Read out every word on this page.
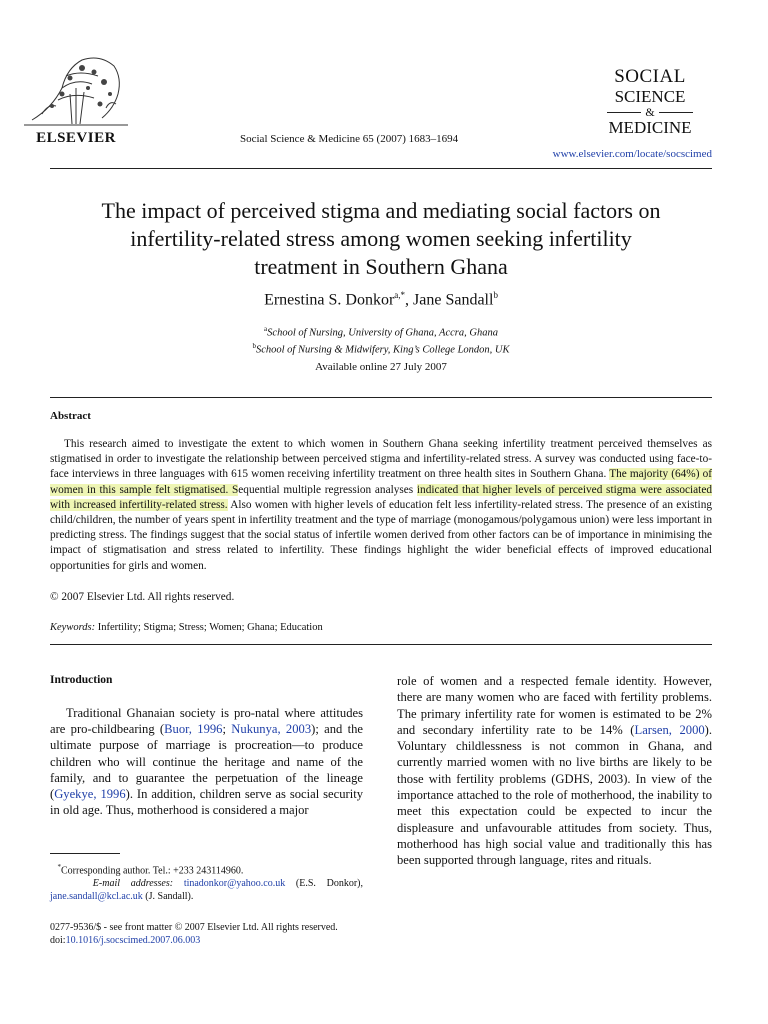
ELSEVIER	Social Science & Medicine 65 (2007) 1683–1694
SOCIAL
SCIENCE
&
MEDICINE
www.elsevier.com/locate/socscimed
The impact of perceived stigma and mediating social factors on
infertility-related stress among women seeking infertility
treatment in Southern Ghana
Ernestina S. Donkor$^{a,*}$, Jane Sandall$^b$
$^a$School of Nursing, University of Ghana, Accra, Ghana
$^b$School of Nursing & Midwifery, King’s College London, UK
Available online 27 July 2007
Abstract

This research aimed to investigate the extent to which women in Southern Ghana seeking infertility treatment perceived themselves as stigmatised in order to investigate the relationship between perceived stigma and infertility-related stress. A survey was conducted using face-to-face interviews in three languages with 615 women receiving infertility treatment on three health sites in Southern Ghana. The majority (64%) of women in this sample felt stigmatised. Sequential multiple regression analyses indicated that higher levels of perceived stigma were associated with increased infertility-related stress. Also women with higher levels of education felt less infertility-related stress. The presence of an existing child/children, the number of years spent in infertility treatment and the type of marriage (monogamous/polygamous union) were less important in predicting stress. The findings suggest that the social status of infertile women derived from other factors can be of importance in minimising the impact of stigmatisation and stress related to infertility. These findings highlight the wider beneficial effects of improved educational opportunities for girls and women.

© 2007 Elsevier Ltd. All rights reserved.
Keywords: Infertility; Stigma; Stress; Women; Ghana; Education
Introduction

Traditional Ghanaian society is pro-natal where attitudes are pro-childbearing (Buor, 1996; Nukunya, 2003); and the ultimate purpose of marriage is procreation—to produce children who will continue the heritage and name of the family, and to guarantee the perpetuation of the lineage (Gyekye, 1996). In addition, children serve as social security in old age. Thus, motherhood is considered a major

*Corresponding author. Tel.: +233 243114960.
E-mail addresses: tinadonkor@yahoo.co.uk (E.S. Donkor), jane.sandall@kcl.ac.uk (J. Sandall).

role of women and a respected female identity. However, there are many women who are faced with fertility problems. The primary infertility rate for women is estimated to be 2% and secondary infertility rate to be 14% (Larsen, 2000). Voluntary childlessness is not common in Ghana, and currently married women with no live births are likely to be those with fertility problems (GDHS, 2003). In view of the importance attached to the role of motherhood, the inability to meet this expectation could be expected to incur the displeasure and unfavourable attitudes from society. Thus, motherhood has high social value and traditionally this has been supported through language, rites and rituals.

0277-9536/$ - see front matter © 2007 Elsevier Ltd. All rights reserved.
doi:10.1016/j.socscimed.2007.06.003
